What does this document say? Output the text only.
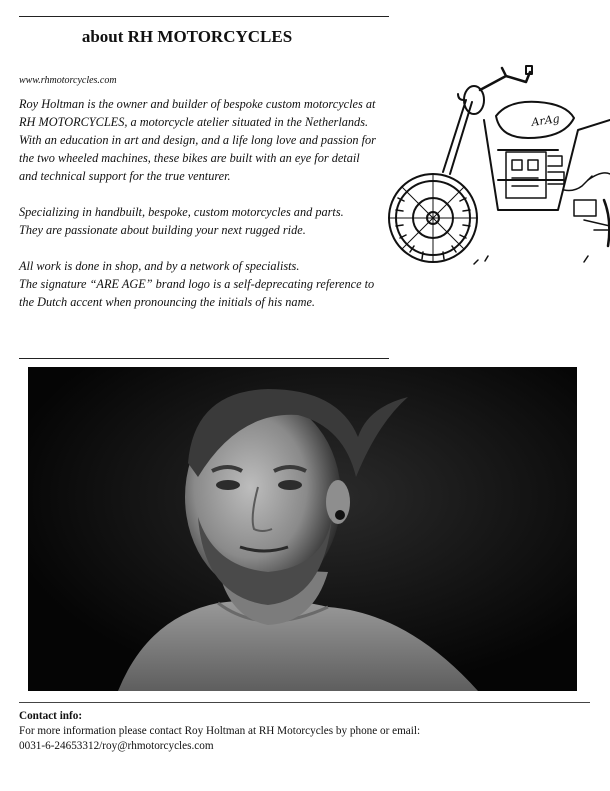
about RH MOTORCYCLES
www.rhmotorcycles.com

Roy Holtman is the owner and builder of bespoke custom motorcycles at
RH MOTORCYCLES, a motorcycle atelier situated in the Netherlands.
With an education in art and design, and a life long love and passion for
the two wheeled machines, these bikes are built with an eye for detail
and technical support for the true venturer.

Specializing in handbuilt, bespoke, custom motorcycles and parts.
They are passionate about building your next rugged ride.

All work is done in shop, and by a network of specialists.
The signature “ARE AGE” brand logo is a self-deprecating reference to
the Dutch accent when pronouncing the initials of his name.

ArAg
Contact info:
For more information please contact Roy Holtman at RH Motorcycles by phone or email:
0031-6-24653312/roy@rhmotorcycles.com
